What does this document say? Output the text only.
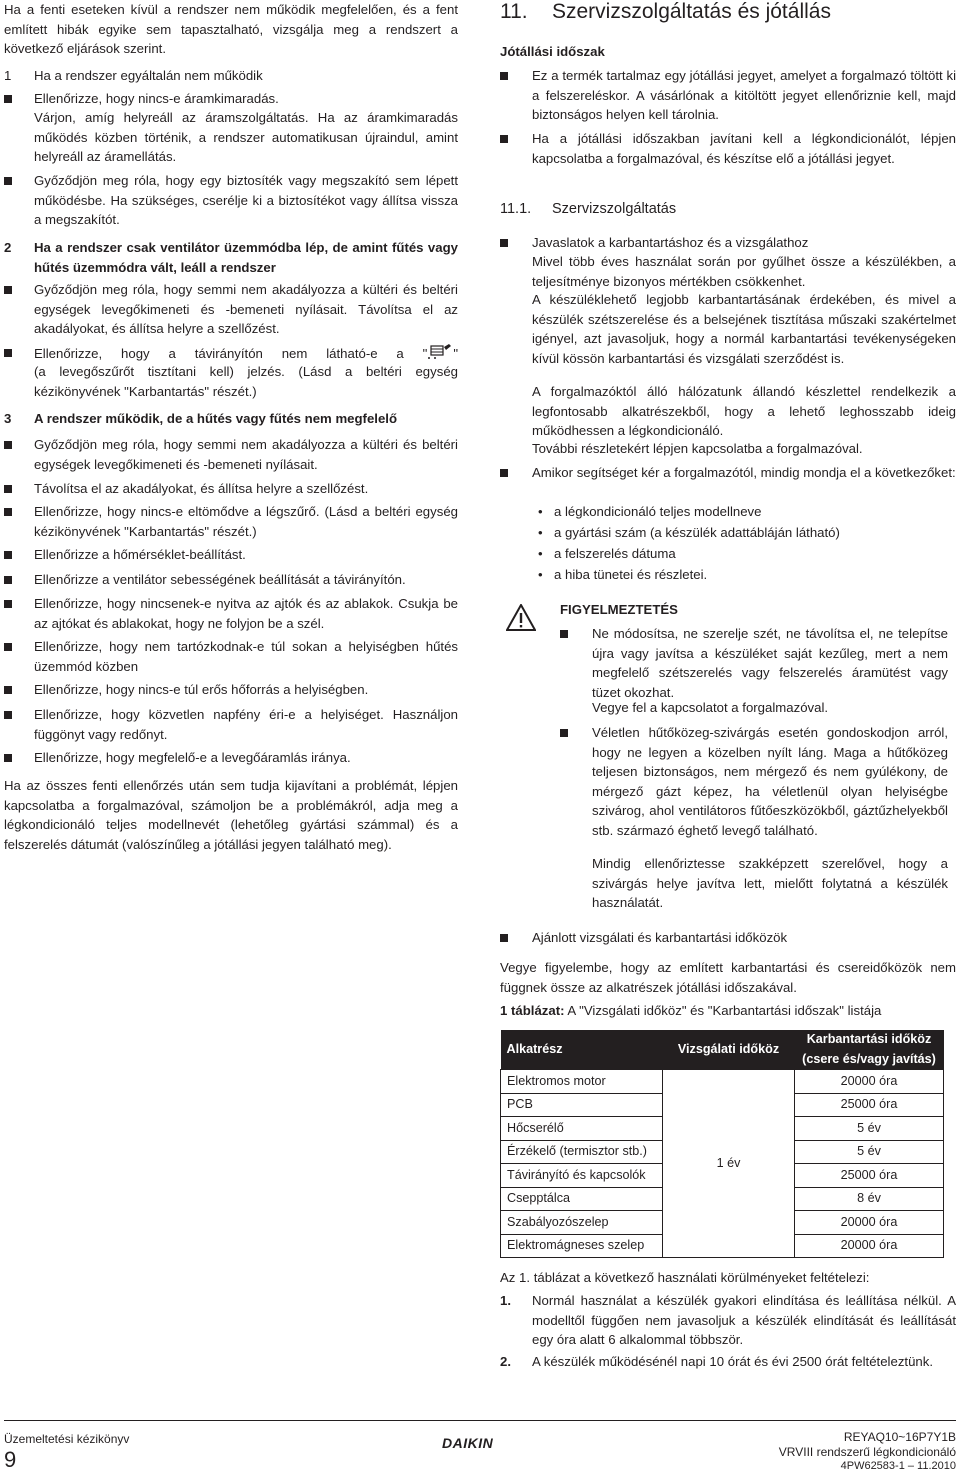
Ha a fenti eseteken kívül a rendszer nem működik megfelelően, és a fent említett hibák egyike sem tapasztalható, vizsgálja meg a rendszert a következő eljárások szerint.

1 Ha a rendszer egyáltalán nem működik

Ellenőrizze, hogy nincs-e áramkimaradás.

Várjon, amíg helyreáll az áramszolgáltatás. Ha az áramkimaradás működés közben történik, a rendszer automatikusan újraindul, amint helyreáll az áramellátás.

Győződjön meg róla, hogy egy biztosíték vagy megszakító sem lépett működésbe. Ha szükséges, cserélje ki a biztosítékot vagy állítsa vissza a megszakítót.

2 Ha a rendszer csak ventilátor üzemmódba lép, de amint fűtés vagy hűtés üzemmódra vált, leáll a rendszer

Győződjön meg róla, hogy semmi nem akadályozza a kültéri és beltéri egységek levegőkimeneti és -bemeneti nyílásait. Távolítsa el az akadályokat, és állítsa helyre a szellőzést.

Ellenőrizze, hogy a távirányítón nem látható-e a " "

(a levegőszűrőt tisztítani kell) jelzés. (Lásd a beltéri egység kézikönyvének "Karbantartás" részét.)

3 A rendszer működik, de a hűtés vagy fűtés nem megfelelő

Győződjön meg róla, hogy semmi nem akadályozza a kültéri és beltéri egységek levegőkimeneti és -bemeneti nyílásait.

Távolítsa el az akadályokat, és állítsa helyre a szellőzést.

Ellenőrizze, hogy nincs-e eltömődve a légszűrő. (Lásd a beltéri egység kézikönyvének "Karbantartás" részét.)

Ellenőrizze a hőmérséklet-beállítást.

Ellenőrizze a ventilátor sebességének beállítását a távirányítón.

Ellenőrizze, hogy nincsenek-e nyitva az ajtók és az ablakok. Csukja be az ajtókat és ablakokat, hogy ne folyjon be a szél.

Ellenőrizze, hogy nem tartózkodnak-e túl sokan a helyiségben hűtés üzemmód közben

Ellenőrizze, hogy nincs-e túl erős hőforrás a helyiségben.

Ellenőrizze, hogy közvetlen napfény éri-e a helyiséget. Használjon függönyt vagy redőnyt.

Ellenőrizze, hogy megfelelő-e a levegőáramlás iránya.

Ha az összes fenti ellenőrzés után sem tudja kijavítani a problémát, lépjen kapcsolatba a forgalmazóval, számoljon be a problémákról, adja meg a légkondicionáló teljes modellnevét (lehetőleg gyártási számmal) és a felszerelés dátumát (valószínűleg a jótállási jegyen található meg).

11. Szervizszolgáltatás és jótállás

Jótállási időszak

Ez a termék tartalmaz egy jótállási jegyet, amelyet a forgalmazó töltött ki a felszereléskor. A vásárlónak a kitöltött jegyet ellenőriznie kell, majd biztonságos helyen kell tárolnia.

Ha a jótállási időszakban javítani kell a légkondicionálót, lépjen kapcsolatba a forgalmazóval, és készítse elő a jótállási jegyet.

11.1. Szervizszolgáltatás

Javaslatok a karbantartáshoz és a vizsgálathoz

Mivel több éves használat során por gyűlhet össze a készülékben, a teljesítménye bizonyos mértékben csökkenhet.

A készüléklehető legjobb karbantartásának érdekében, és mivel a készülék szétszerelése és a belsejének tisztítása műszaki szakértelmet igényel, azt javasoljuk, hogy a normál karbantartási tevékenységeken kívül kössön karbantartási és vizsgálati szerződést is.

A forgalmazóktól álló hálózatunk állandó készlettel rendelkezik a legfontosabb alkatrészekből, hogy a lehető leghosszabb ideig működhessen a légkondicionáló.

További részletekért lépjen kapcsolatba a forgalmazóval.

Amikor segítséget kér a forgalmazótól, mindig mondja el a következőket:

• a légkondicionáló teljes modellneve
• a gyártási szám (a készülék adattábláján látható)
• a felszerelés dátuma
• a hiba tünetei és részletei.

FIGYELMEZTETÉS

Ne módosítsa, ne szerelje szét, ne távolítsa el, ne telepítse újra vagy javítsa a készüléket saját kezűleg, mert a nem megfelelő szétszerelés vagy felszerelés áramütést vagy tüzet okozhat.

Vegye fel a kapcsolatot a forgalmazóval.

Véletlen hűtőközeg-szivárgás esetén gondoskodjon arról, hogy ne legyen a közelben nyílt láng. Maga a hűtőközeg teljesen biztonságos, nem mérgező és nem gyúlékony, de mérgező gázt képez, ha véletlenül olyan helyiségbe szivárog, ahol ventilátoros fűtőeszközökből, gáztűzhelyekből stb. származó éghető levegő található.

Mindig ellenőriztesse szakképzett szerelővel, hogy a szivárgás helye javítva lett, mielőtt folytatná a készülék használatát.

Ajánlott vizsgálati és karbantartási időközök

Vegye figyelembe, hogy az említett karbantartási és csereidőközök nem függnek össze az alkatrészek jótállási időszakával.

1 táblázat: A "Vizsgálati időköz" és "Karbantartási időszak" listája

Az 1. táblázat a következő használati körülményeket feltételezi:

1. Normál használat a készülék gyakori elindítása és leállítása nélkül. A modelltől függően nem javasoljuk a készülék elindítását és leállítását egy óra alatt 6 alkalommal többször.

2. A készülék működésénél napi 10 órát és évi 2500 órát feltételeztünk.

Alkatrész	Vizsgálati időköz	Karbantartási időköz
(csere és/vagy javítás)

Elektromos motor	1 év	20000 óra
PCB		25000 óra
Hőcserélő		5 év
Érzékelő (termisztor stb.)		5 év
Távirányító és kapcsolók		25000 óra
Csepptálca		8 év
Szabályozószelep		20000 óra
Elektromágneses szelep		20000 óra
Üzemeltetési kézikönyv
9
DAIKIN	REYAQ10~16P7Y1B
VRVIII rendszerű légkondicionáló
4PW62583-1 – 11.2010
